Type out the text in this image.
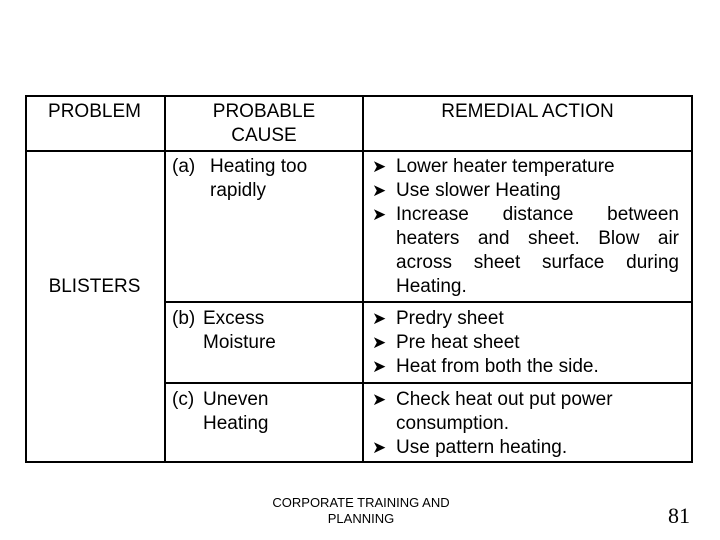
PROBLEM	PROBABLE CAUSE
REMEDIAL ACTION
BLISTERS
(a) Heating too rapidly
➤ Lower heater temperature
➤ Use slower Heating
➤ Increase distance between heaters and sheet. Blow air across sheet surface during Heating.
(b) Excess Moisture
➤ Predry sheet
➤ Pre heat sheet
➤ Heat from both the side.
(c) Uneven Heating
➤ Check heat out put power consumption.
➤ Use pattern heating.
CORPORATE TRAINING AND PLANNING	81
